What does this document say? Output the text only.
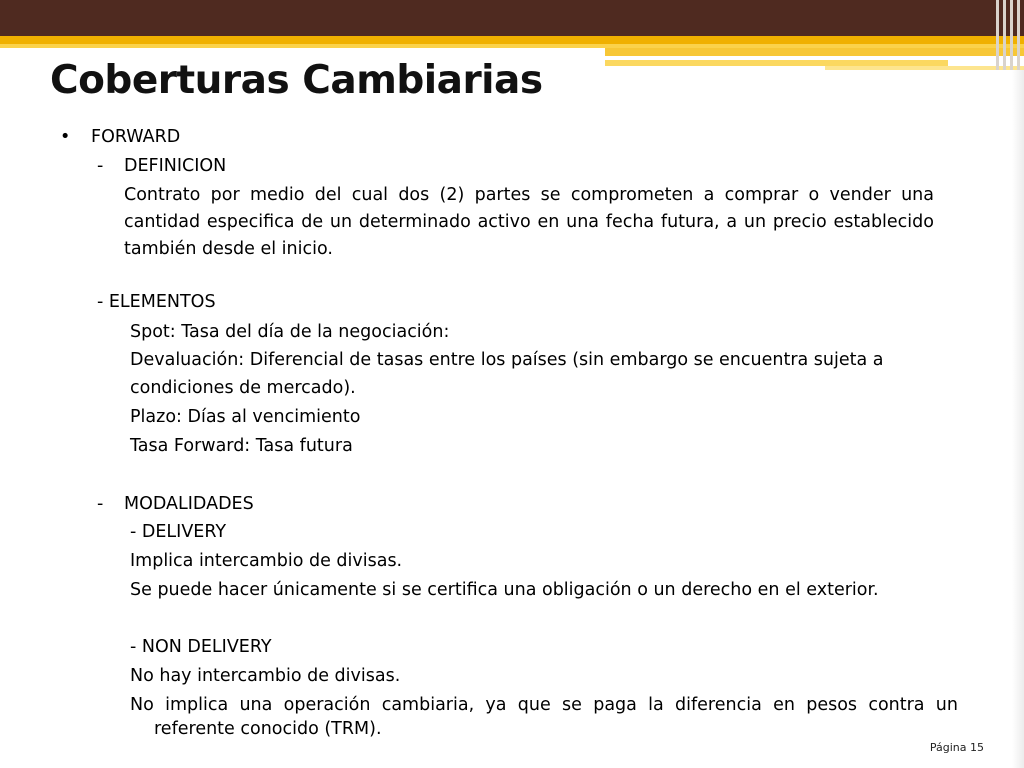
Coberturas Cambiarias
• FORWARD
- DEFINICION
Contrato por medio del cual dos (2) partes se comprometen a comprar o vender una cantidad especifica de un determinado activo en una fecha futura, a un precio establecido también desde el inicio.
- ELEMENTOS
Spot: Tasa del día de la negociación:
Devaluación: Diferencial de tasas entre los países (sin embargo se encuentra sujeta a
condiciones de mercado).
Plazo: Días al vencimiento
Tasa Forward: Tasa futura
- MODALIDADES
- DELIVERY
Implica intercambio de divisas.
Se puede hacer únicamente si se certifica una obligación o un derecho en el exterior.
- NON DELIVERY
No hay intercambio de divisas.
No implica una operación cambiaria, ya que se paga la diferencia en pesos contra un referente conocido (TRM).
Página 15
